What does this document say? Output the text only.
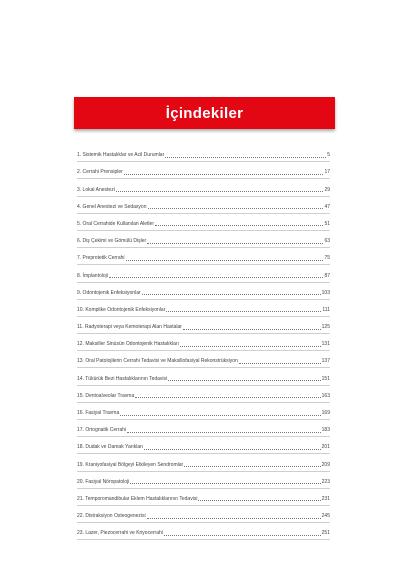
İçindekiler
1. Sistemik Hastalıklar ve Acil Durumlar	5
2. Cerrahi Prensipler	17
3. Lokal Anestezi	29
4. Genel Anestezi ve Sedasyon	47
5. Oral Cerrahide Kullanılan Aletler	51
6. Diş Çekimi ve Gömülü Dişler	63
7. Preprotetik Cerrahi	75
8. İmplantoloji	87
9. Odontojenik Enfeksiyonlar	103
10. Komplike Odontojenik Enfeksiyonlar	111
11. Radyoterapi veya Kemoterapi Alan Hastalar	125
12. Maksiller Sinüsün Odontojenik Hastalıkları	131
13. Oral Patolojilerin Cerrahi Tedavisi ve Maksillofasiyal Rekonstrüksiyon	137
14. Tükürük Bezi Hastalıklarının Tedavisi	151
15. Dentoalveolar Travma	163
16. Fasiyal Travma	169
17. Ortognatik Cerrahi	183
18. Dudak ve Damak Yarıkları	201
19. Kraniyofasiyal Bölgeyi Etkileyen Sendromlar	209
20. Fasiyal Nöropatoloji	223
21. Temporomandibular Eklem Hastalıklarının Tedavisi	231
22. Distraksiyon Osteogenezisi	245
23. Lazer, Piezocerrahi ve Kriyocerrahi	251
